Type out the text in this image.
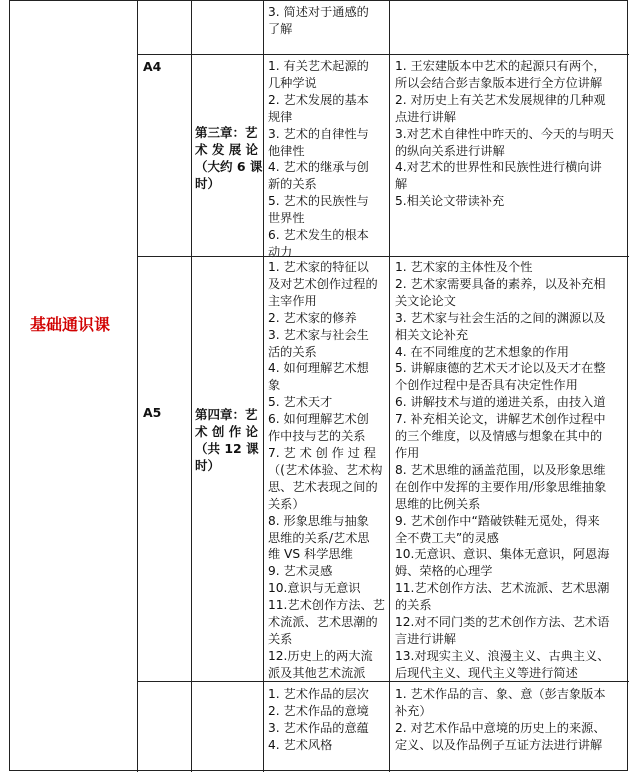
基础通识课
3. 简述对于通感的
了解
A4
第三章：艺
术 发 展 论
（大约 6 课
时）
1. 有关艺术起源的
几种学说
2. 艺术发展的基本
规律
3. 艺术的自律性与
他律性
4. 艺术的继承与创
新的关系
5. 艺术的民族性与
世界性
6. 艺术发生的根本
动力
1. 王宏建版本中艺术的起源只有两个，
所以会结合彭吉象版本进行全方位讲解
2. 对历史上有关艺术发展规律的几种观
点进行讲解
3.对艺术自律性中昨天的、今天的与明天
的纵向关系进行讲解
4.对艺术的世界性和民族性进行横向讲
解
5.相关论文带读补充
A5	第四章：艺
术 创 作 论
（共 12 课
时）
1. 艺术家的特征以
及对艺术创作过程的
主宰作用
2. 艺术家的修养
3. 艺术家与社会生
活的关系
4. 如何理解艺术想
象
5. 艺术天才
6. 如何理解艺术创
作中技与艺的关系
7. 艺 术 创 作 过 程
（(艺术体验、艺术构
思、艺术表现之间的
关系）
8. 形象思维与抽象
思维的关系/艺术思
维 VS 科学思维
9. 艺术灵感
10.意识与无意识
11.艺术创作方法、艺
术流派、艺术思潮的
关系
12.历史上的两大流
派及其他艺术流派
1. 艺术家的主体性及个性
2. 艺术家需要具备的素养，以及补充相
关文论论文
3. 艺术家与社会生活的之间的渊源以及
相关文论补充
4. 在不同维度的艺术想象的作用
5. 讲解康德的艺术天才论以及天才在整
个创作过程中是否具有决定性作用
6. 讲解技术与道的递进关系，由技入道
7. 补充相关论文，讲解艺术创作过程中
的三个维度，以及情感与想象在其中的
作用
8. 艺术思维的涵盖范围，以及形象思维
在创作中发挥的主要作用/形象思维抽象
思维的比例关系
9. 艺术创作中“踏破铁鞋无觅处，得来
全不费工夫”的灵感
10.无意识、意识、集体无意识，阿恩海
姆、荣格的心理学
11.艺术创作方法、艺术流派、艺术思潮
的关系
12.对不同门类的艺术创作方法、艺术语
言进行讲解
13.对现实主义、浪漫主义、古典主义、
后现代主义、现代主义等进行简述
1. 艺术作品的层次
2. 艺术作品的意境
3. 艺术作品的意蕴
4. 艺术风格
1. 艺术作品的言、象、意（彭吉象版本
补充）
2. 对艺术作品中意境的历史上的来源、
定义、以及作品例子互证方法进行讲解
